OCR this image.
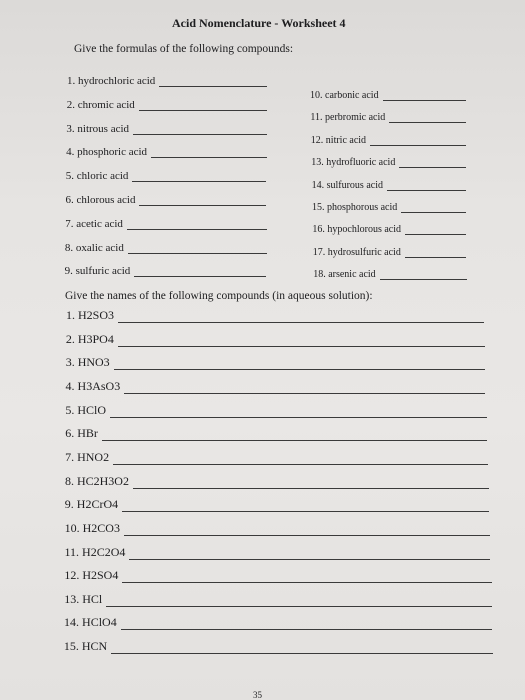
Acid Nomenclature - Worksheet 4
Give the formulas of the following compounds:
1. hydrochloric acid
2. chromic acid
3. nitrous acid
4. phosphoric acid
5. chloric acid
6. chlorous acid
7. acetic acid
8. oxalic acid
9. sulfuric acid
10. carbonic acid
11. perbromic acid
12. nitric acid
13. hydrofluoric acid
14. sulfurous acid
15. phosphorous acid
16. hypochlorous acid
17. hydrosulfuric acid
18. arsenic acid
Give the names of the following compounds (in aqueous solution):
1. H2SO3
2. H3PO4
3. HNO3
4. H3AsO3
5. HClO
6. HBr
7. HNO2
8. HC2H3O2
9. H2CrO4
10. H2CO3
11. H2C2O4
12. H2SO4
13. HCl
14. HClO4
15. HCN
35
